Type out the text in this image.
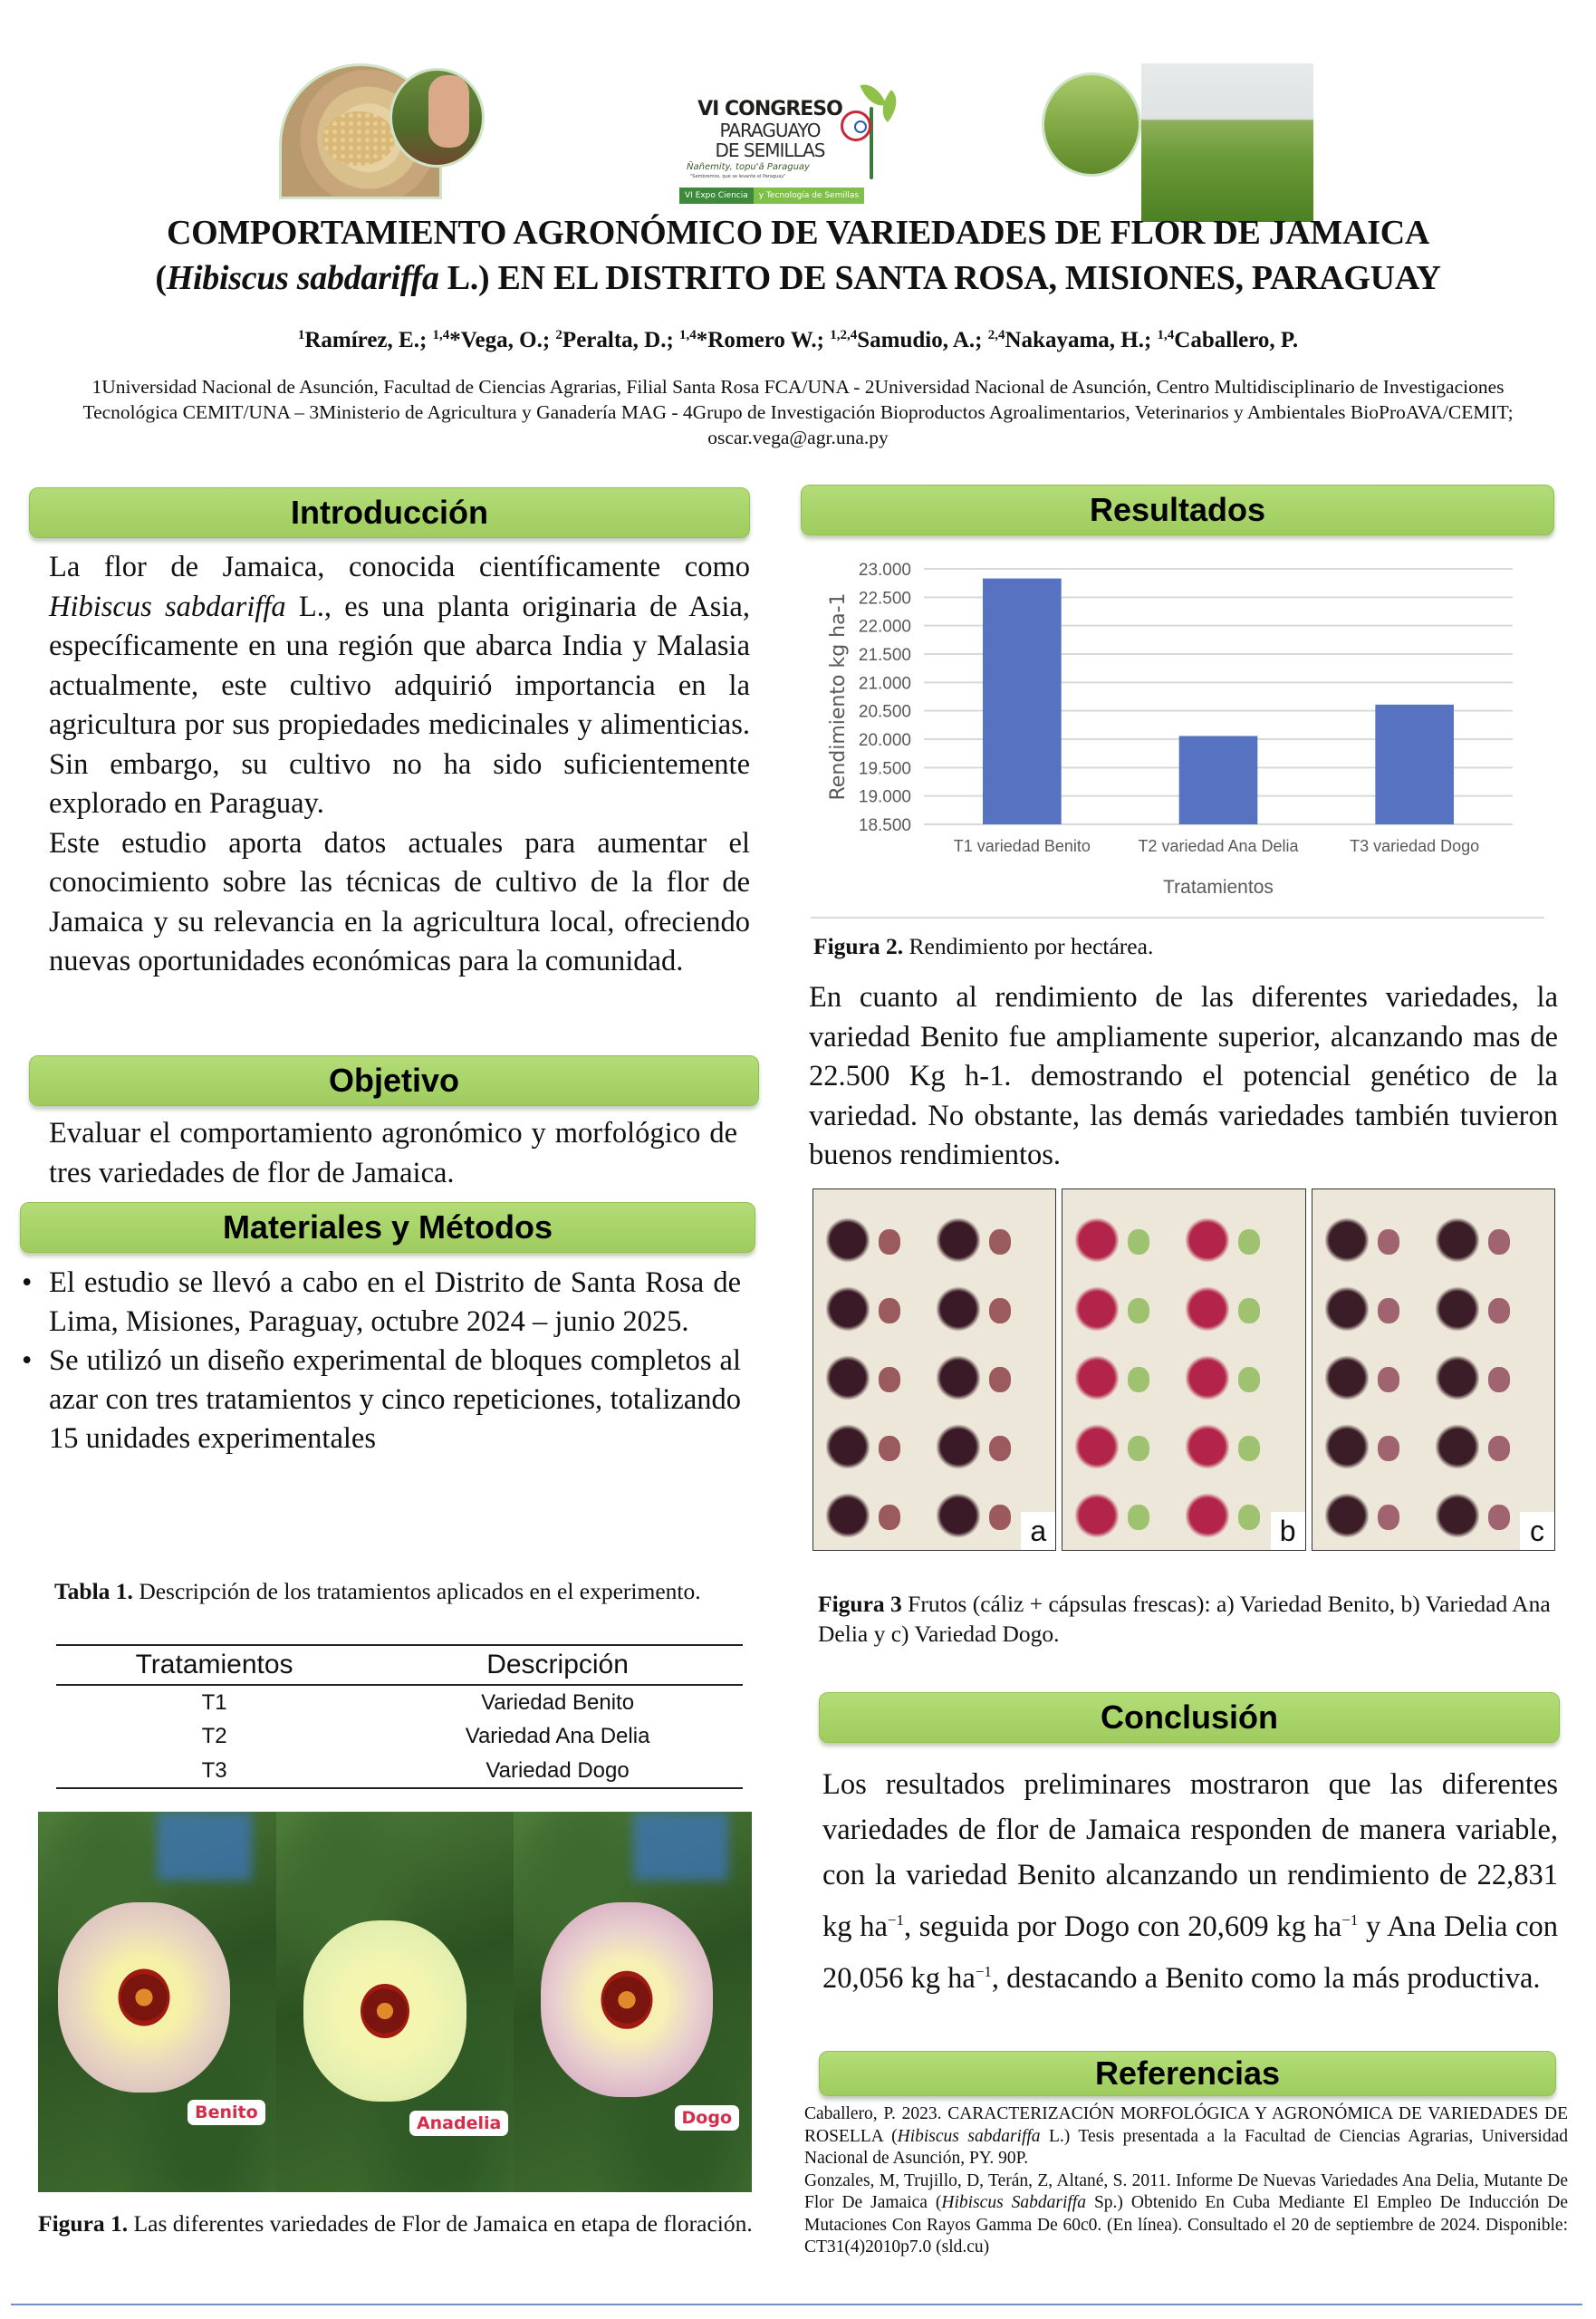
VI CONGRESO
PARAGUAYO
DE SEMILLAS
Ñañemity, topu'ã Paraguay
"Sembremos, que se levante el Paraguay"
VI Expo Ciencia	y Tecnología de Semillas
COMPORTAMIENTO AGRONÓMICO DE VARIEDADES DE FLOR DE JAMAICA
(Hibiscus sabdariffa L.) EN EL DISTRITO DE SANTA ROSA, MISIONES, PARAGUAY
$^1$Ramírez, E.; $^{1,4}$*Vega, O.; $^2$Peralta, D.; $^{1,4}$*Romero W.; $^{1,2,4}$Samudio, A.; $^{2,4}$Nakayama, H.; $^{1,4}$Caballero, P.
1Universidad Nacional de Asunción, Facultad de Ciencias Agrarias, Filial Santa Rosa FCA/UNA - 2Universidad Nacional de Asunción, Centro Multidisciplinario de Investigaciones Tecnológica CEMIT/UNA – 3Ministerio de Agricultura y Ganadería MAG - 4Grupo de Investigación Bioproductos Agroalimentarios, Veterinarios y Ambientales BioProAVA/CEMIT; oscar.vega@agr.una.py
Introducción

La flor de Jamaica, conocida científicamente como Hibiscus sabdariffa L., es una planta originaria de Asia, específicamente en una región que abarca India y Malasia actualmente, este cultivo adquirió importancia en la agricultura por sus propiedades medicinales y alimenticias. Sin embargo, su cultivo no ha sido suficientemente explorado en Paraguay.

Este estudio aporta datos actuales para aumentar el conocimiento sobre las técnicas de cultivo de la flor de Jamaica y su relevancia en la agricultura local, ofreciendo nuevas oportunidades económicas para la comunidad.

Objetivo
Evaluar el comportamiento agronómico y morfológico de tres variedades de flor de Jamaica.
Materiales y Métodos
• El estudio se llevó a cabo en el Distrito de Santa Rosa de Lima, Misiones, Paraguay, octubre 2024 – junio 2025.
• Se utilizó un diseño experimental de bloques completos al azar con tres tratamientos y cinco repeticiones, totalizando 15 unidades experimentales
Tabla 1. Descripción de los tratamientos aplicados en el experimento.
Tratamientos	Descripción
T1	Variedad Benito
T2	Variedad Ana Delia
T3	Variedad Dogo
Benito
Anadelia	Dogo
Figura 1. Las diferentes variedades de Flor de Jamaica en etapa de floración.
Resultados
18.500
19.000
19.500
20.000
20.500
21.000
21.500
22.000
22.500
23.000
T1 variedad Benito	T2 variedad Ana Delia	T3 variedad Dogo
Tratamientos
Rendimiento kg ha-1
Figura 2. Rendimiento por hectárea.
En cuanto al rendimiento de las diferentes variedades, la variedad Benito fue ampliamente superior, alcanzando mas de 22.500 Kg h-1. demostrando el potencial genético de la variedad. No obstante, las demás variedades también tuvieron buenos rendimientos.
a	b	c
Figura 3 Frutos (cáliz + cápsulas frescas): a) Variedad Benito, b) Variedad Ana Delia y c) Variedad Dogo.
Conclusión
Los resultados preliminares mostraron que las diferentes variedades de flor de Jamaica responden de manera variable, con la variedad Benito alcanzando un rendimiento de 22,831 kg $ha^{-1}$, seguida por Dogo con 20,609 kg $ha^{-1}$ y Ana Delia con 20,056 kg $ha^{-1}$, destacando a Benito como la más productiva.
Referencias

Caballero, P. 2023. CARACTERIZACIÓN MORFOLÓGICA Y AGRONÓMICA DE VARIEDADES DE ROSELLA (Hibiscus sabdariffa L.) Tesis presentada a la Facultad de Ciencias Agrarias, Universidad Nacional de Asunción, PY. 90P.

Gonzales, M, Trujillo, D, Terán, Z, Altané, S. 2011. Informe De Nuevas Variedades Ana Delia, Mutante De Flor De Jamaica (Hibiscus Sabdariffa Sp.) Obtenido En Cuba Mediante El Empleo De Inducción De Mutaciones Con Rayos Gamma De 60c0. (En línea). Consultado el 20 de septiembre de 2024. Disponible: CT31(4)2010p7.0 (sld.cu)
